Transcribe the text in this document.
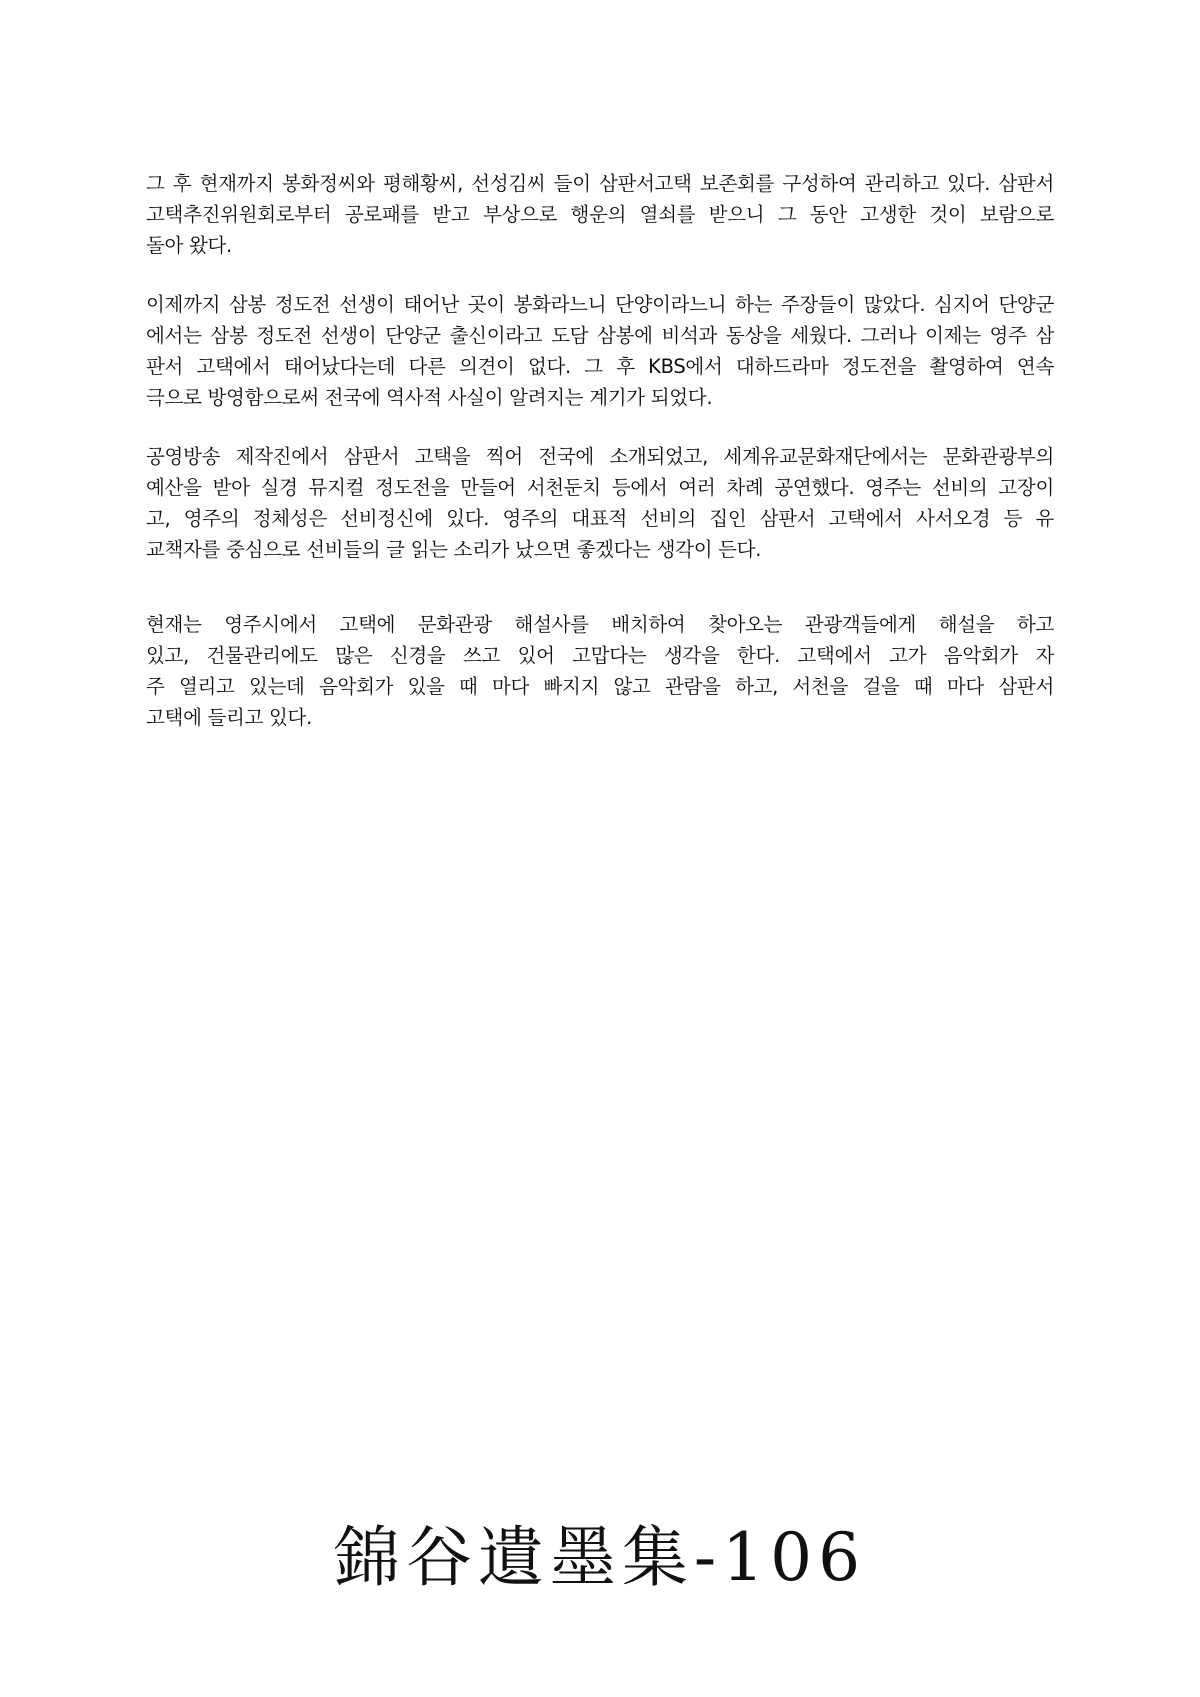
그 후 현재까지 봉화정씨와 평해황씨, 선성김씨 들이 삼판서고택 보존회를 구성하여 관리하고 있다. 삼판서
고택추진위원회로부터 공로패를 받고 부상으로 행운의 열쇠를 받으니 그 동안 고생한 것이 보람으로
돌아 왔다.

이제까지 삼봉 정도전 선생이 태어난 곳이 봉화라느니 단양이라느니 하는 주장들이 많았다. 심지어 단양군
에서는 삼봉 정도전 선생이 단양군 출신이라고 도담 삼봉에 비석과 동상을 세웠다. 그러나 이제는 영주 삼
판서 고택에서 태어났다는데 다른 의견이 없다. 그 후 KBS에서 대하드라마 정도전을 촬영하여 연속
극으로 방영함으로써 전국에 역사적 사실이 알려지는 계기가 되었다.

공영방송 제작진에서 삼판서 고택을 찍어 전국에 소개되었고, 세계유교문화재단에서는 문화관광부의
예산을 받아 실경 뮤지컬 정도전을 만들어 서천둔치 등에서 여러 차례 공연했다. 영주는 선비의 고장이
고, 영주의 정체성은 선비정신에 있다. 영주의 대표적 선비의 집인 삼판서 고택에서 사서오경 등 유
교책자를 중심으로 선비들의 글 읽는 소리가 났으면 좋겠다는 생각이 든다.

현재는 영주시에서 고택에 문화관광 해설사를 배치하여 찾아오는 관광객들에게 해설을 하고
있고, 건물관리에도 많은 신경을 쓰고 있어 고맙다는 생각을 한다. 고택에서 고가 음악회가 자
주 열리고 있는데 음악회가 있을 때 마다 빠지지 않고 관람을 하고, 서천을 걸을 때 마다 삼판서
고택에 들리고 있다.

錦谷遺墨集-106
